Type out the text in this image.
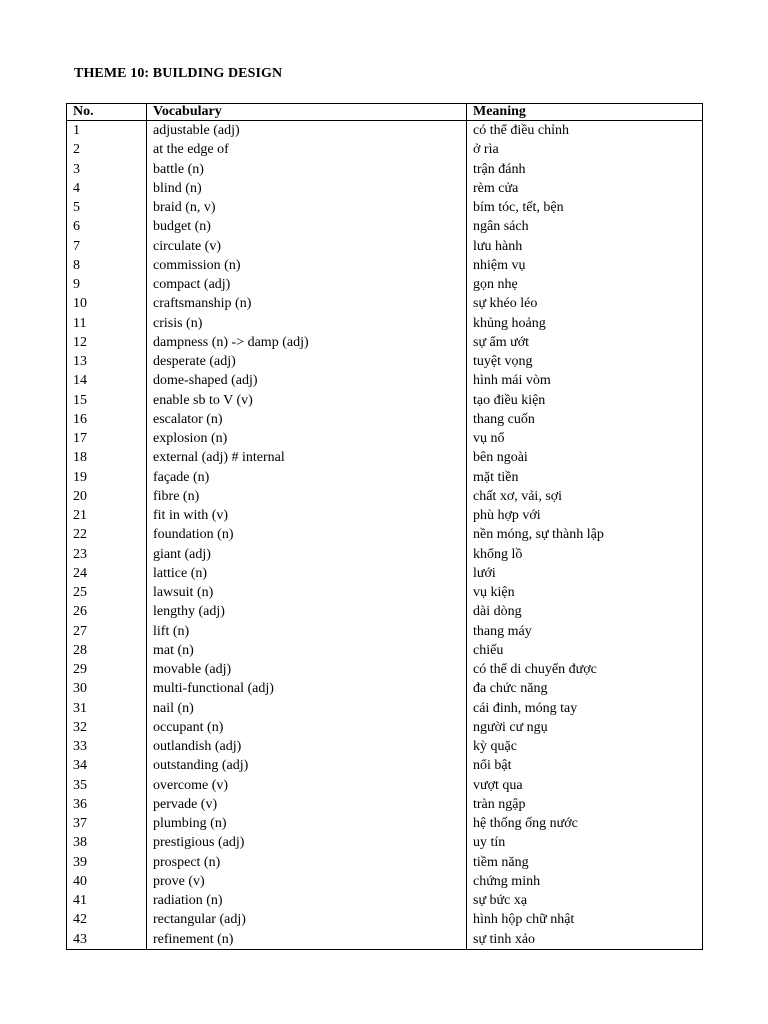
THEME 10: BUILDING DESIGN
No.	Vocabulary	Meaning
1	adjustable (adj)	có thể điều chỉnh
2	at the edge of	ở rìa
3	battle (n)	trận đánh
4	blind (n)	rèm cửa
5	braid (n, v)	bím tóc, tết, bện
6	budget (n)	ngân sách
7	circulate (v)	lưu hành
8	commission (n)	nhiệm vụ
9	compact (adj)	gọn nhẹ
10	craftsmanship (n)	sự khéo léo
11	crisis (n)	khủng hoảng
12	dampness (n) -> damp (adj)	sự ẩm ướt
13	desperate (adj)	tuyệt vọng
14	dome-shaped (adj)	hình mái vòm
15	enable sb to V (v)	tạo điều kiện
16	escalator (n)	thang cuốn
17	explosion (n)	vụ nổ
18	external (adj) # internal	bên ngoài
19	façade (n)	mặt tiền
20	fibre (n)	chất xơ, vải, sợi
21	fit in with (v)	phù hợp với
22	foundation (n)	nền móng, sự thành lập
23	giant (adj)	khổng lồ
24	lattice (n)	lưới
25	lawsuit (n)	vụ kiện
26	lengthy (adj)	dài dòng
27	lift (n)	thang máy
28	mat (n)	chiếu
29	movable (adj)	có thể di chuyển được
30	multi-functional (adj)	đa chức năng
31	nail (n)	cái đinh, móng tay
32	occupant (n)	người cư ngụ
33	outlandish (adj)	kỳ quặc
34	outstanding (adj)	nổi bật
35	overcome (v)	vượt qua
36	pervade (v)	tràn ngập
37	plumbing (n)	hệ thống ống nước
38	prestigious (adj)	uy tín
39	prospect (n)	tiềm năng
40	prove (v)	chứng minh
41	radiation (n)	sự bức xạ
42	rectangular (adj)	hình hộp chữ nhật
43	refinement (n)	sự tinh xảo
